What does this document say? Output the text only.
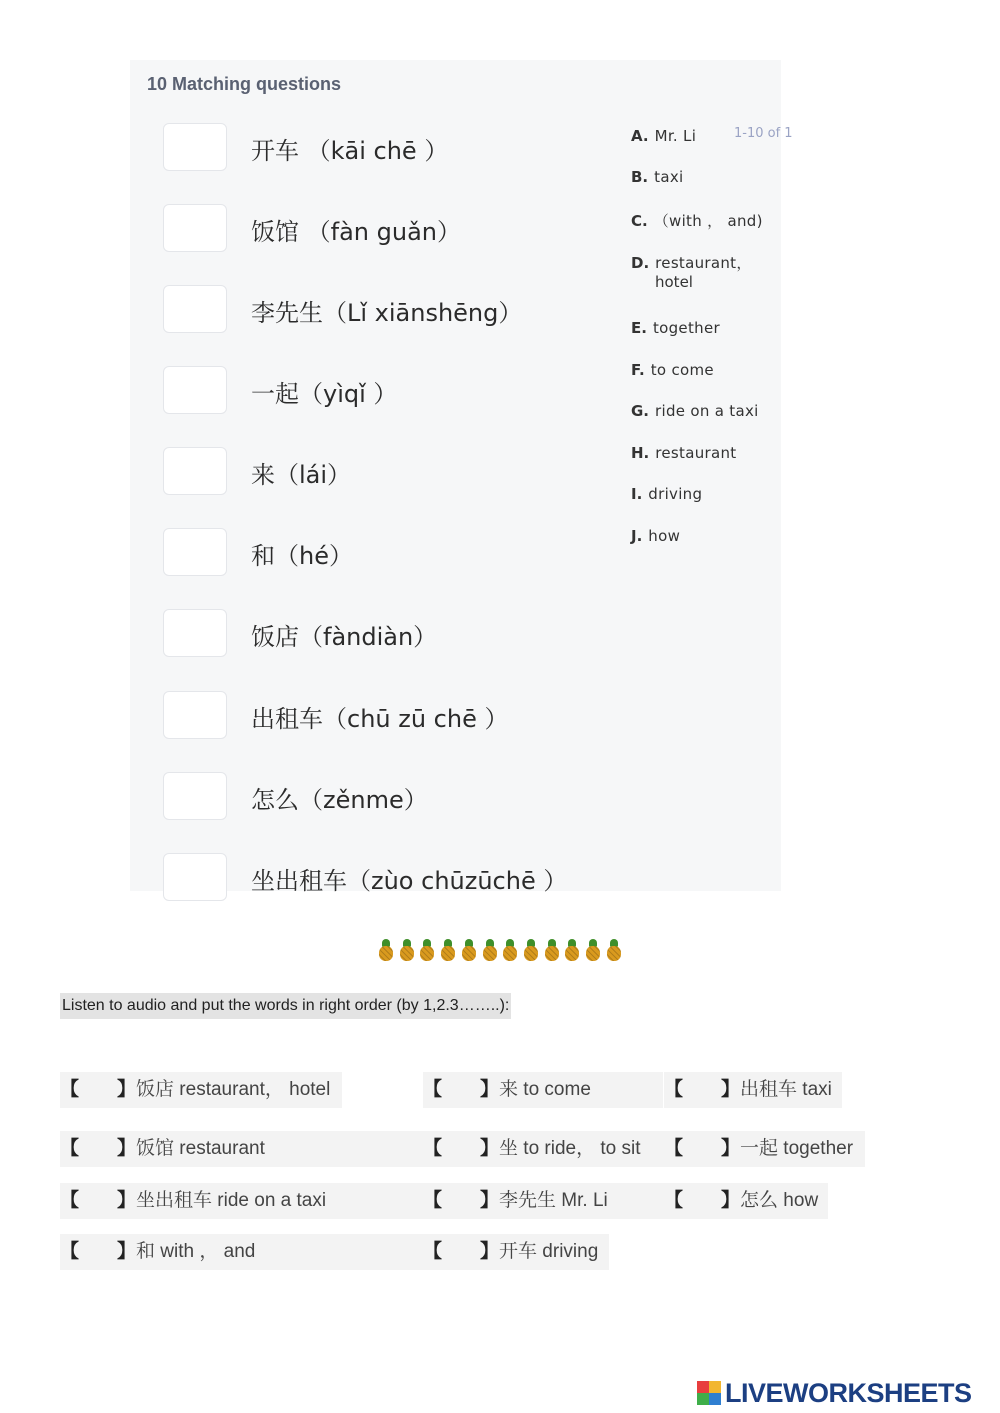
10 Matching questions
1-10 of 1
开车 （kāi chē ）
饭馆 （fàn guǎn）
李先生（Lǐ xiānshēng）
一起（yìqǐ ）
来（lái）
和（hé）
饭店（fàndiàn）
出租车（chū zū chē ）
怎么（zěnme）
坐出租车（zùo chūzūchē ）
A. Mr. Li
B. taxi
C. （with ， and)
D. restaurant，
hotel
E. together
F. to come
G. ride on a taxi
H. restaurant
I. driving
J. how
Listen to audio and put the words in right order (by 1,2.3……..):
【 】饭店 restaurant， hotel	【 】来 to come	【 】出租车 taxi
【 】饭馆 restaurant	【 】坐 to ride， to sit	【 】一起 together
【 】坐出租车 ride on a taxi	【 】李先生 Mr. Li	【 】怎么 how
【 】和 with ， and	【 】开车 driving
LIVEWORKSHEETS
